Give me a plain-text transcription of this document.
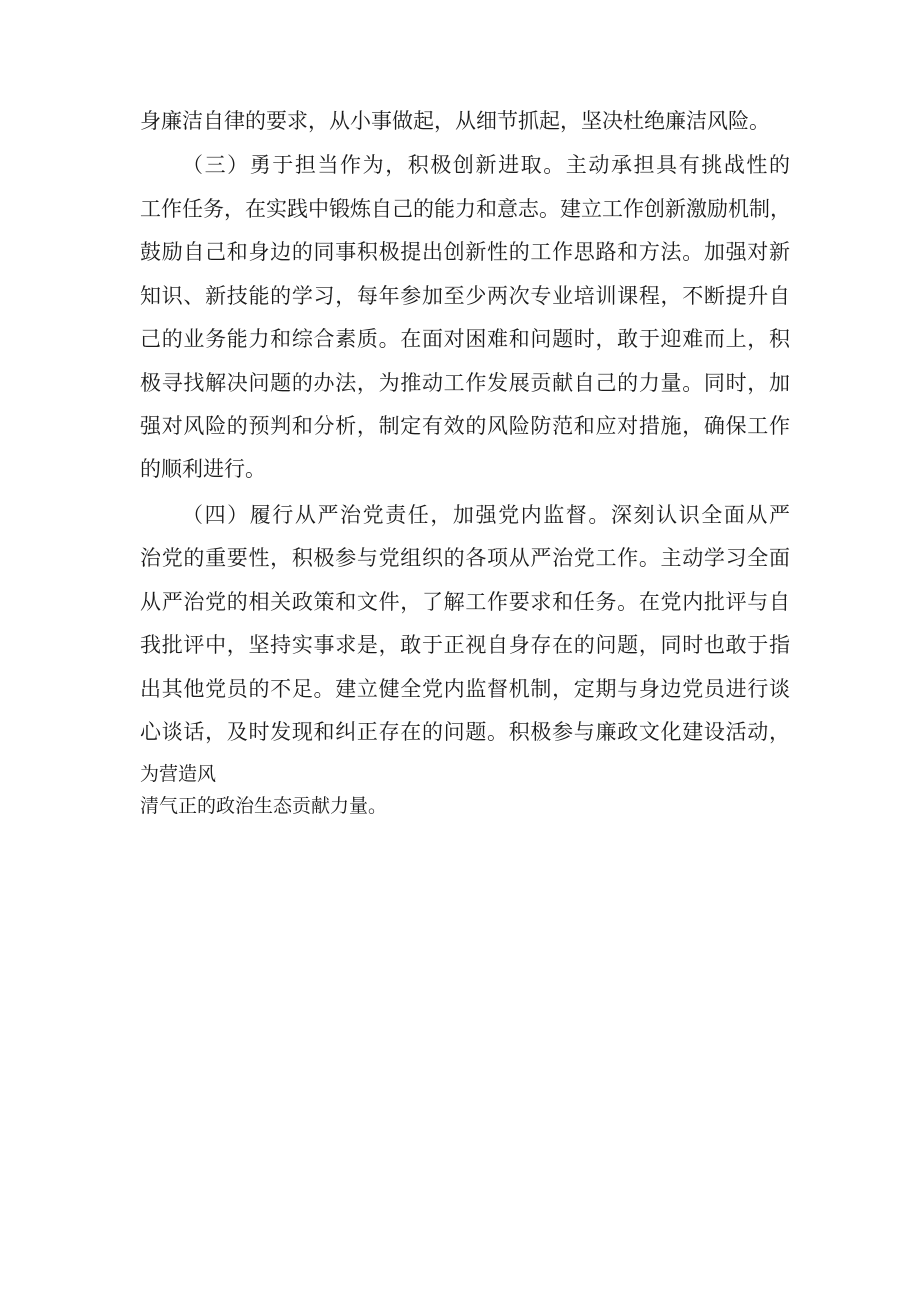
身廉洁自律的要求，从小事做起，从细节抓起，坚决杜绝廉洁风险。
（三）勇于担当作为，积极创新进取。主动承担具有挑战性的
工作任务，在实践中锻炼自己的能力和意志。建立工作创新激励机制，
鼓励自己和身边的同事积极提出创新性的工作思路和方法。加强对新
知识、新技能的学习，每年参加至少两次专业培训课程，不断提升自
己的业务能力和综合素质。在面对困难和问题时，敢于迎难而上，积
极寻找解决问题的办法，为推动工作发展贡献自己的力量。同时，加
强对风险的预判和分析，制定有效的风险防范和应对措施，确保工作
的顺利进行。
（四）履行从严治党责任，加强党内监督。深刻认识全面从严
治党的重要性，积极参与党组织的各项从严治党工作。主动学习全面
从严治党的相关政策和文件，了解工作要求和任务。在党内批评与自
我批评中，坚持实事求是，敢于正视自身存在的问题，同时也敢于指
出其他党员的不足。建立健全党内监督机制，定期与身边党员进行谈
心谈话，及时发现和纠正存在的问题。积极参与廉政文化建设活动，
为营造风
清气正的政治生态贡献力量。
